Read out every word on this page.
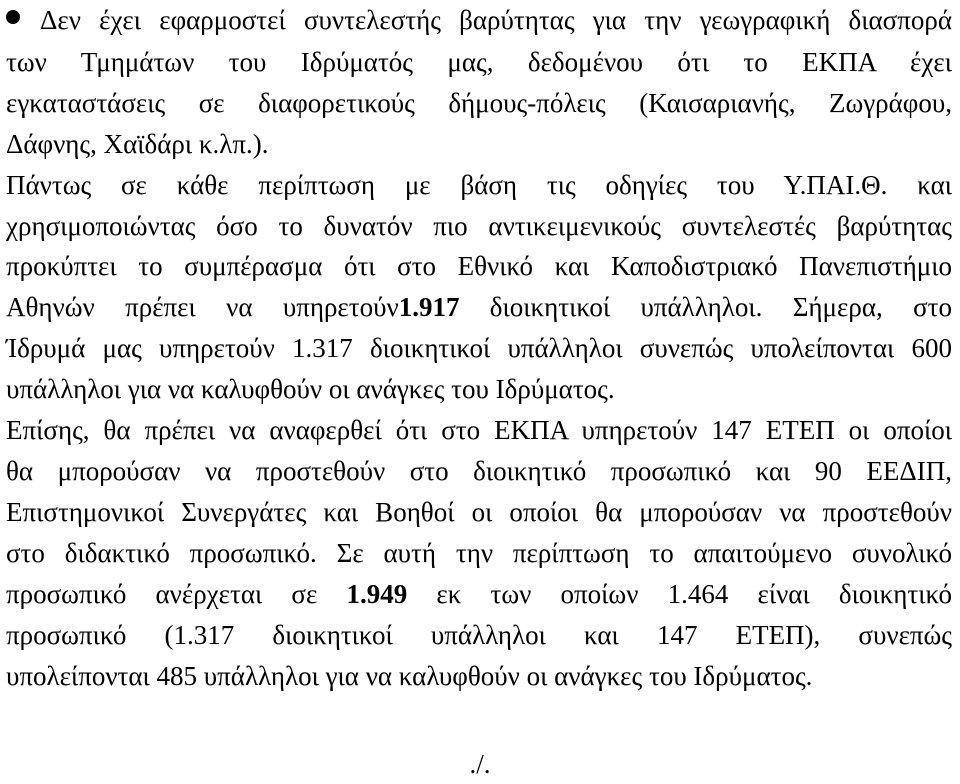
Δεν έχει εφαρμοστεί συντελεστής βαρύτητας για την γεωγραφική διασπορά
των Τμημάτων του Ιδρύματός μας, δεδομένου ότι το ΕΚΠΑ έχει
εγκαταστάσεις σε διαφορετικούς δήμους-πόλεις (Καισαριανής, Ζωγράφου,
Δάφνης, Χαϊδάρι κ.λπ.).
Πάντως σε κάθε περίπτωση με βάση τις οδηγίες του Υ.ΠΑΙ.Θ. και
χρησιμοποιώντας όσο το δυνατόν πιο αντικειμενικούς συντελεστές βαρύτητας
προκύπτει το συμπέρασμα ότι στο Εθνικό και Καποδιστριακό Πανεπιστήμιο
Αθηνών πρέπει να υπηρετούν1.917 διοικητικοί υπάλληλοι. Σήμερα, στο
Ίδρυμά μας υπηρετούν 1.317 διοικητικοί υπάλληλοι συνεπώς υπολείπονται 600
υπάλληλοι για να καλυφθούν οι ανάγκες του Ιδρύματος.
Επίσης, θα πρέπει να αναφερθεί ότι στο ΕΚΠΑ υπηρετούν 147 ΕΤΕΠ οι οποίοι
θα μπορούσαν να προστεθούν στο διοικητικό προσωπικό και 90 ΕΕΔΙΠ,
Επιστημονικοί Συνεργάτες και Βοηθοί οι οποίοι θα μπορούσαν να προστεθούν
στο διδακτικό προσωπικό. Σε αυτή την περίπτωση το απαιτούμενο συνολικό
προσωπικό ανέρχεται σε 1.949 εκ των οποίων 1.464 είναι διοικητικό
προσωπικό (1.317 διοικητικοί υπάλληλοι και 147 ΕΤΕΠ), συνεπώς
υπολείπονται 485 υπάλληλοι για να καλυφθούν οι ανάγκες του Ιδρύματος.
./.
